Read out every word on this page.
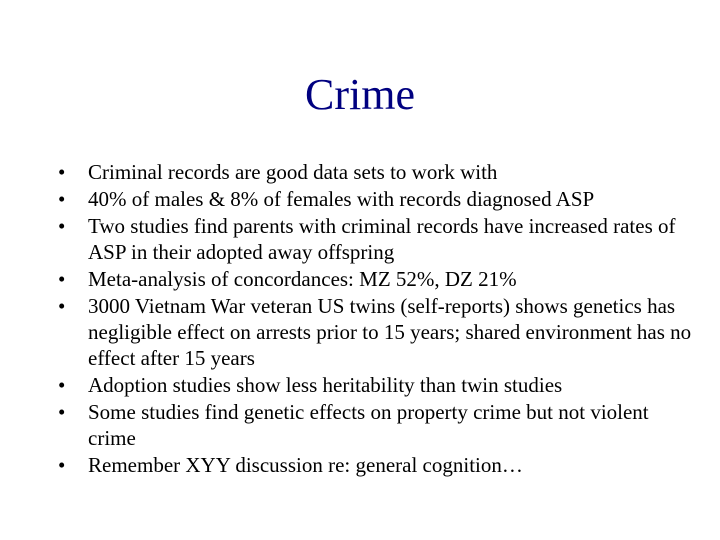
Crime
•	Criminal records are good data sets to work with
•	40% of males & 8% of females with records diagnosed ASP
•	Two studies find parents with criminal records have increased rates of ASP in their adopted away offspring
•	Meta-analysis of concordances: MZ 52%, DZ 21%
•	3000 Vietnam War veteran US twins (self-reports) shows genetics has negligible effect on arrests prior to 15 years; shared environment has no effect after 15 years
•	Adoption studies show less heritability than twin studies
•	Some studies find genetic effects on property crime but not violent crime
•	Remember XYY discussion re: general cognition…
